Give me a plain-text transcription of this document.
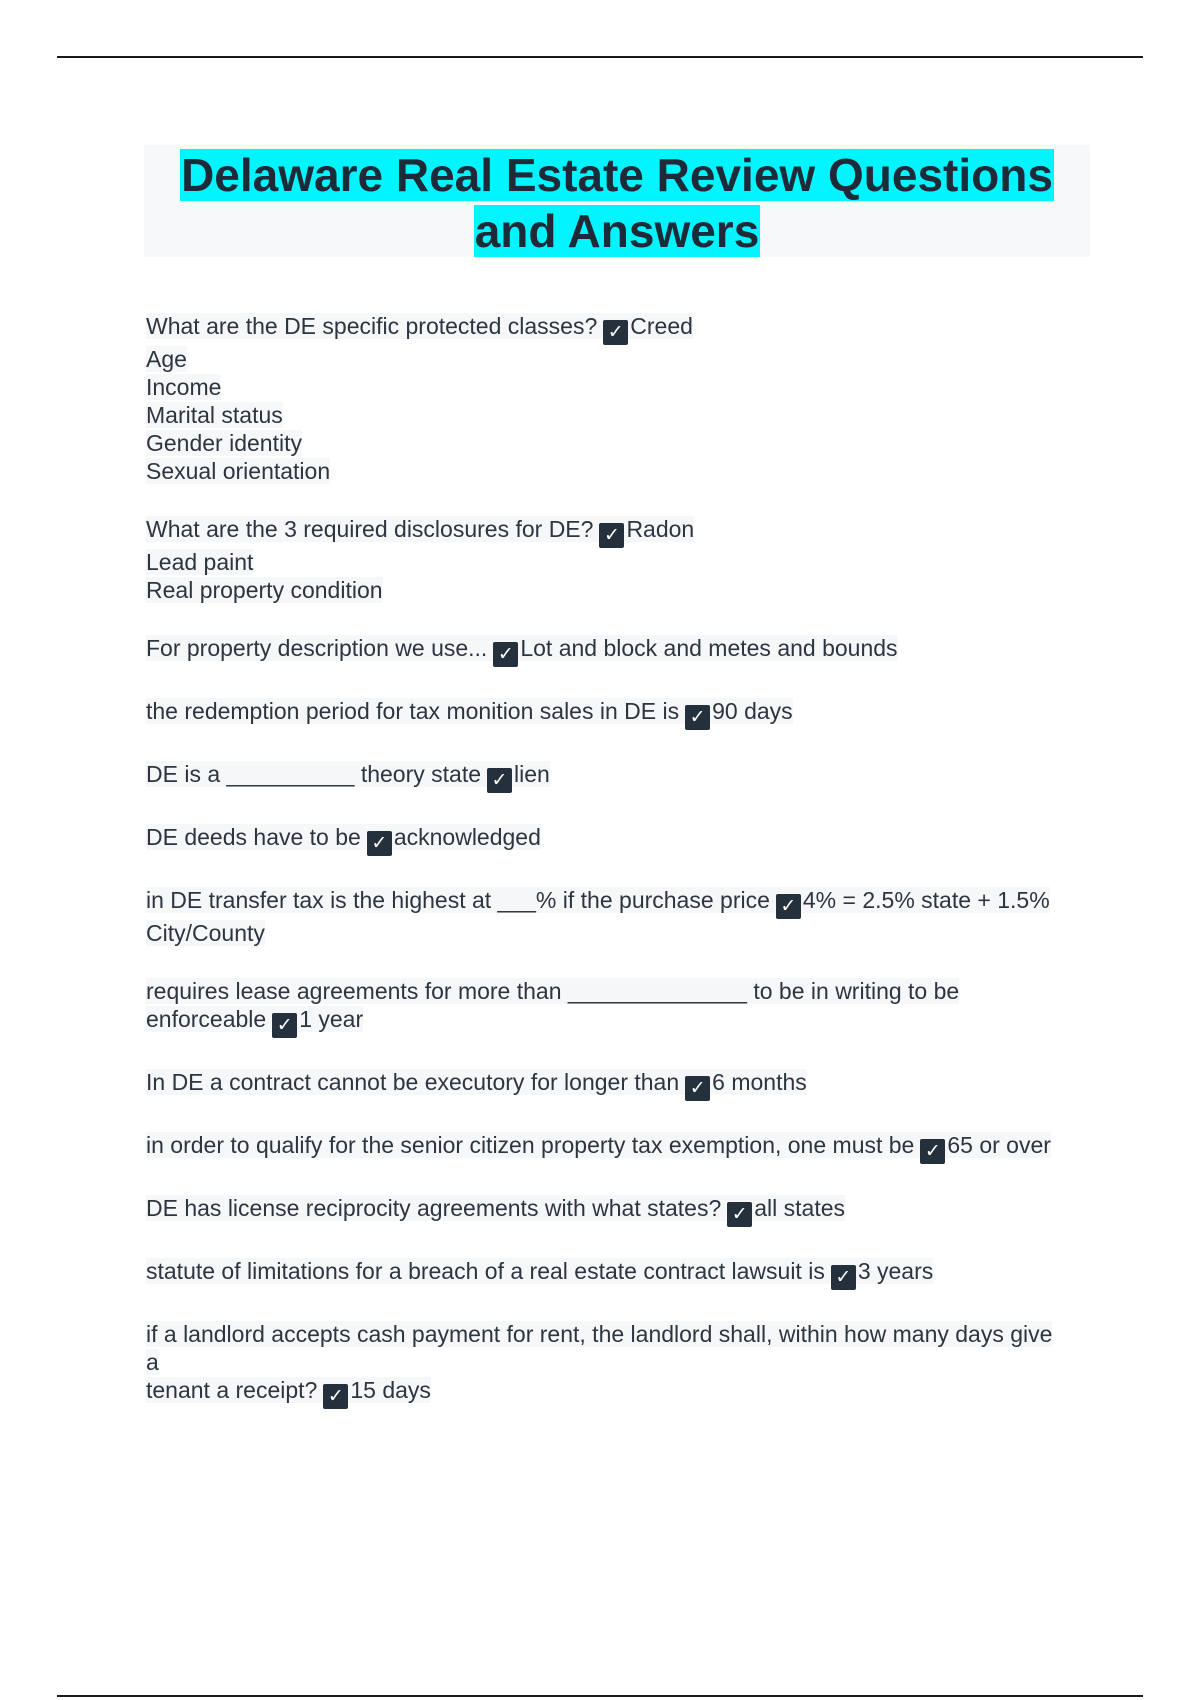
Delaware Real Estate Review Questions and Answers
What are the DE specific protected classes? ✓ Creed
Age
Income
Marital status
Gender identity
Sexual orientation
What are the 3 required disclosures for DE? ✓ Radon
Lead paint
Real property condition
For property description we use... ✓ Lot and block and metes and bounds
the redemption period for tax monition sales in DE is ✓ 90 days
DE is a __________ theory state ✓ lien
DE deeds have to be ✓ acknowledged
in DE transfer tax is the highest at ___% if the purchase price ✓ 4% = 2.5% state + 1.5% City/County
requires lease agreements for more than ______________ to be in writing to be enforceable ✓ 1 year
In DE a contract cannot be executory for longer than ✓ 6 months
in order to qualify for the senior citizen property tax exemption, one must be ✓ 65 or over
DE has license reciprocity agreements with what states? ✓ all states
statute of limitations for a breach of a real estate contract lawsuit is ✓ 3 years
if a landlord accepts cash payment for rent, the landlord shall, within how many days give a
tenant a receipt? ✓ 15 days
